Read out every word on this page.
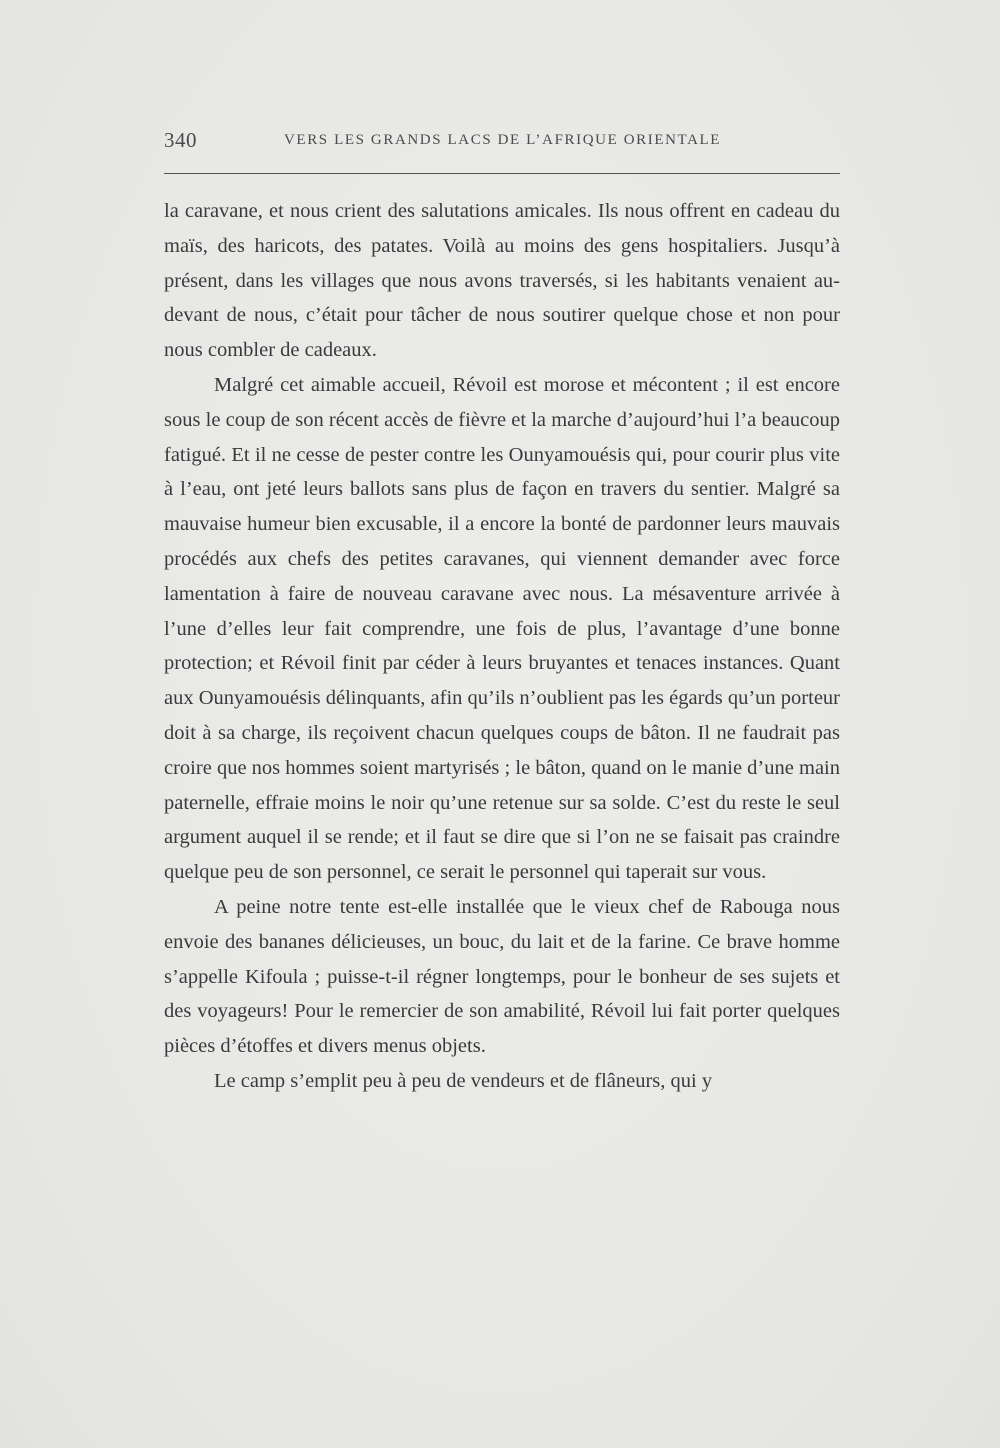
340	VERS LES GRANDS LACS DE L’AFRIQUE ORIENTALE

la caravane, et nous crient des salutations amicales. Ils nous offrent en cadeau du maïs, des haricots, des patates. Voilà au moins des gens hospitaliers. Jusqu’à présent, dans les villages que nous avons traversés, si les habitants venaient au-devant de nous, c’était pour tâcher de nous soutirer quelque chose et non pour nous combler de cadeaux.

Malgré cet aimable accueil, Révoil est morose et mécontent ; il est encore sous le coup de son récent accès de fièvre et la marche d’aujourd’hui l’a beaucoup fatigué. Et il ne cesse de pester contre les Ounyamouésis qui, pour courir plus vite à l’eau, ont jeté leurs ballots sans plus de façon en travers du sentier. Malgré sa mauvaise humeur bien excusable, il a encore la bonté de pardonner leurs mauvais procédés aux chefs des petites caravanes, qui viennent demander avec force lamentation à faire de nouveau caravane avec nous. La mésaventure arrivée à l’une d’elles leur fait comprendre, une fois de plus, l’avantage d’une bonne protection; et Révoil finit par céder à leurs bruyantes et tenaces instances. Quant aux Ounyamouésis délinquants, afin qu’ils n’oublient pas les égards qu’un porteur doit à sa charge, ils reçoivent chacun quelques coups de bâton. Il ne faudrait pas croire que nos hommes soient martyrisés ; le bâton, quand on le manie d’une main paternelle, effraie moins le noir qu’une retenue sur sa solde. C’est du reste le seul argument auquel il se rende; et il faut se dire que si l’on ne se faisait pas craindre quelque peu de son personnel, ce serait le personnel qui taperait sur vous.

A peine notre tente est-elle installée que le vieux chef de Rabouga nous envoie des bananes délicieuses, un bouc, du lait et de la farine. Ce brave homme s’appelle Kifoula ; puisse-t-il régner longtemps, pour le bonheur de ses sujets et des voyageurs! Pour le remercier de son amabilité, Révoil lui fait porter quelques pièces d’étoffes et divers menus objets.

Le camp s’emplit peu à peu de vendeurs et de flâneurs, qui y
